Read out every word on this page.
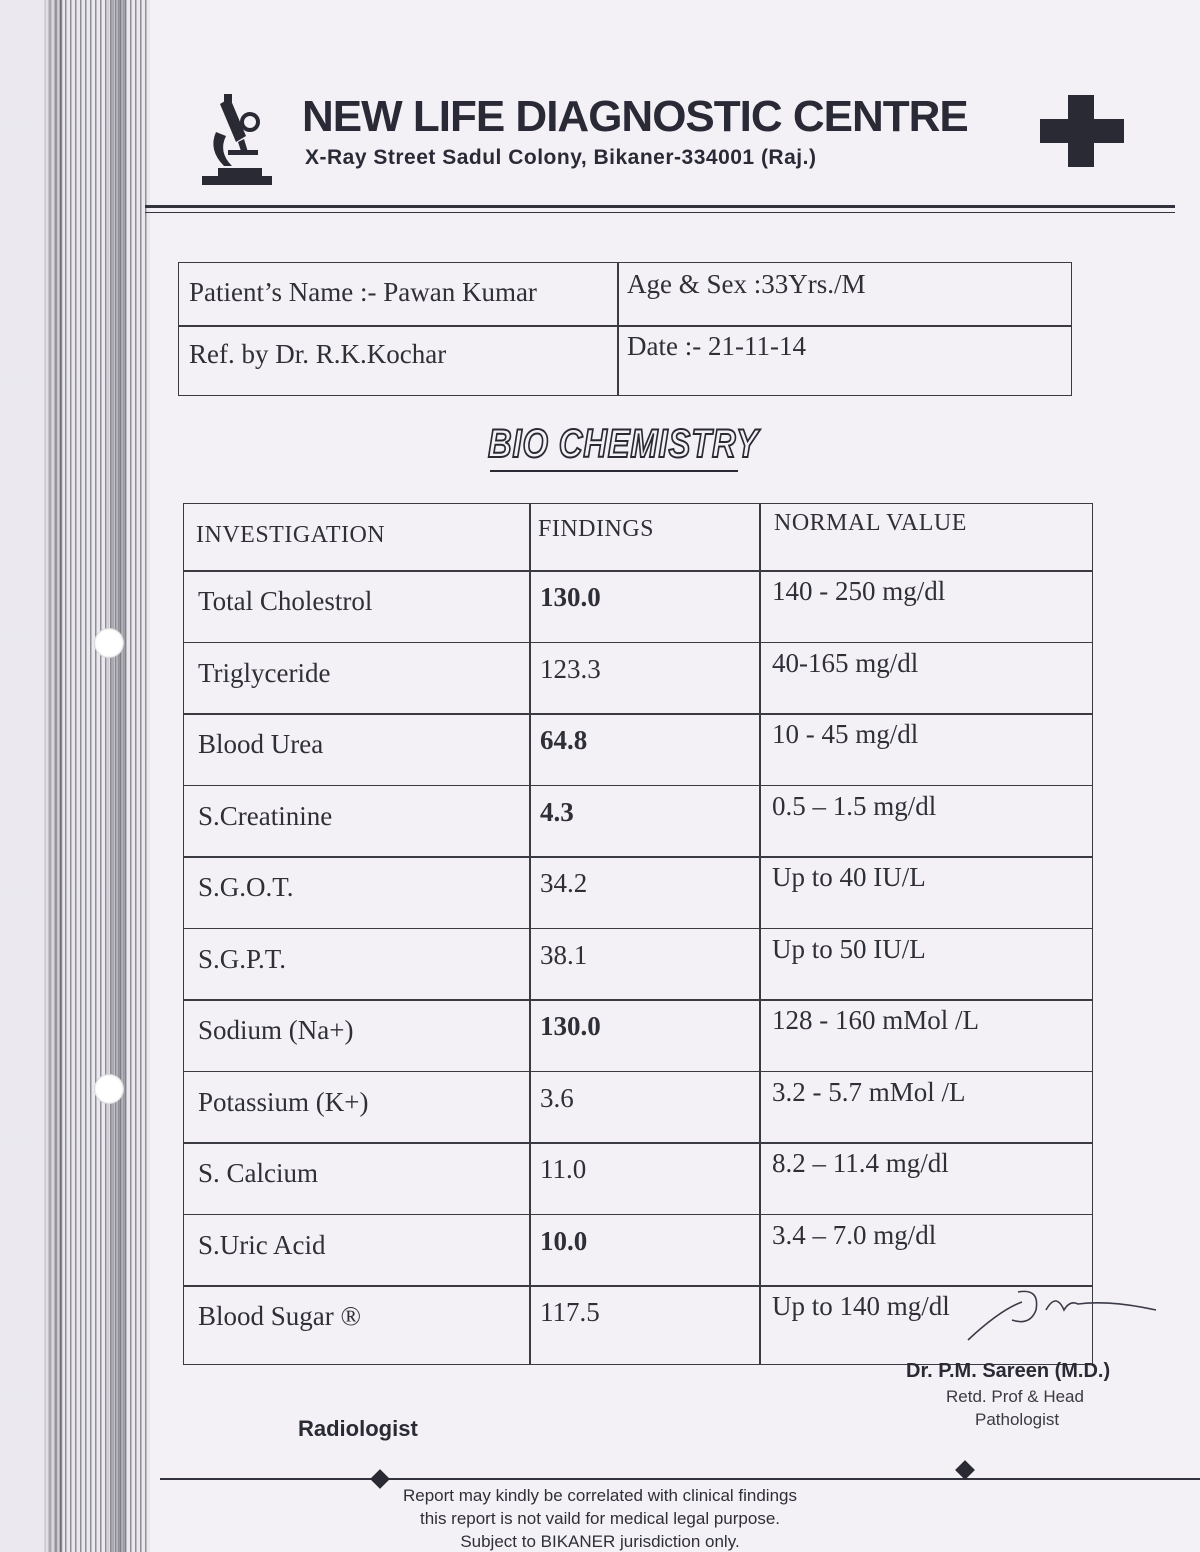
NEW LIFE DIAGNOSTIC CENTRE
X-Ray Street Sadul Colony, Bikaner-334001 (Raj.)
Patient’s Name :- Pawan Kumar	Age & Sex :33Yrs./M
Ref. by Dr. R.K.Kochar	Date :- 21-11-14
BIO CHEMISTRY
INVESTIGATION	FINDINGS	NORMAL VALUE
Total Cholestrol	130.0	140 - 250 mg/dl
Triglyceride	123.3	40-165 mg/dl
Blood Urea	64.8	10 - 45 mg/dl
S.Creatinine	4.3	0.5 – 1.5 mg/dl
S.G.O.T.	34.2	Up to 40 IU/L
S.G.P.T.	38.1	Up to 50 IU/L
Sodium (Na+)	130.0	128 - 160 mMol /L
Potassium (K+)	3.6	3.2 - 5.7 mMol /L
S. Calcium	11.0	8.2 – 11.4 mg/dl
S.Uric Acid	10.0	3.4 – 7.0 mg/dl
Blood Sugar ®	117.5	Up to 140 mg/dl
Dr. P.M. Sareen (M.D.)
Retd. Prof & Head
Pathologist
Radiologist
Report may kindly be correlated with clinical findings
this report is not vaild for medical legal purpose.
Subject to BIKANER jurisdiction only.
